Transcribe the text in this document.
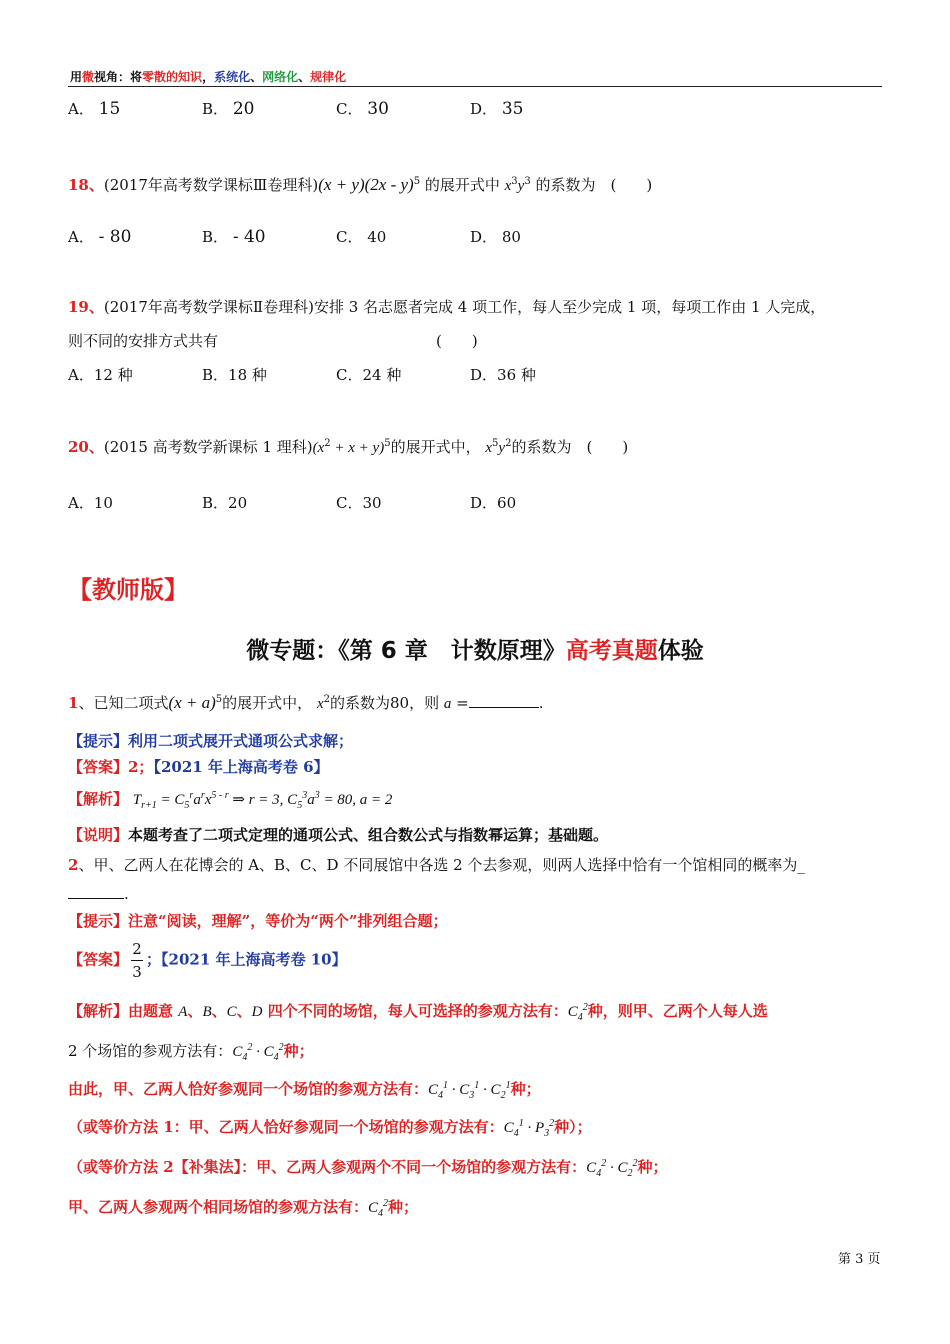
用微视角：将零散的知识，系统化、网络化、规律化
A． 15	B． 20	C． 30	D． 35
18、(2017年高考数学课标Ⅲ卷理科)(x + y)(2x - y)$^5$ 的展开式中 $x^3y^3$ 的系数为　(　　)
A． - 80	B． - 40	C． 40	D． 80
19、(2017年高考数学课标Ⅱ卷理科)安排 3 名志愿者完成 4 项工作，每人至少完成 1 项，每项工作由 1 人完成，
则不同的安排方式共有	(　　)
A．12 种	B．18 种	C．24 种	D．36 种
20、(2015 高考数学新课标 1 理科)$(x^2 + x + y)^5$的展开式中， $x^5y^2$的系数为　(　　)
A．10	B．20	C．30	D．60
【教师版】
微专题：《第 6 章　计数原理》高考真题体验
1、已知二项式$(x + a)^5$的展开式中， $x^2$的系数为80，则 a =	.
【提示】利用二项式展开式通项公式求解；
【答案】2；【2021 年上海高考卷 6】
【解析】 $T_{r+1} = C_5^ra^rx^{5 - r}$ ⇒ r = 3, $C_5^3a^3 = 80$, a = 2
【说明】本题考查了二项式定理的通项公式、组合数公式与指数幂运算；基础题。
2、甲、乙两人在花博会的 A、B、C、D 不同展馆中各选 2 个去参观，则两人选择中恰有一个馆相同的概率为_
.
【提示】注意“阅读，理解”，等价为“两个”排列组合题；
【答案】 $\frac{2}{3}$ ；【2021 年上海高考卷 10】
【解析】由题意 A、B、C、D 四个不同的场馆，每人可选择的参观方法有：$C_4^2$种，则甲、乙两个人每人选
2 个场馆的参观方法有：$C_4^2 \cdot C_4^2$种；
由此，甲、乙两人恰好参观同一个场馆的参观方法有：$C_4^1 \cdot C_3^1 \cdot C_2^1$种；
（或等价方法 1：甲、乙两人恰好参观同一个场馆的参观方法有：$C_4^1 \cdot P_3^2$种）；
（或等价方法 2【补集法】：甲、乙两人参观两个不同一个场馆的参观方法有：$C_4^2 \cdot C_2^2$种；
甲、乙两人参观两个相同场馆的参观方法有：$C_4^2$种；
第 3 页
